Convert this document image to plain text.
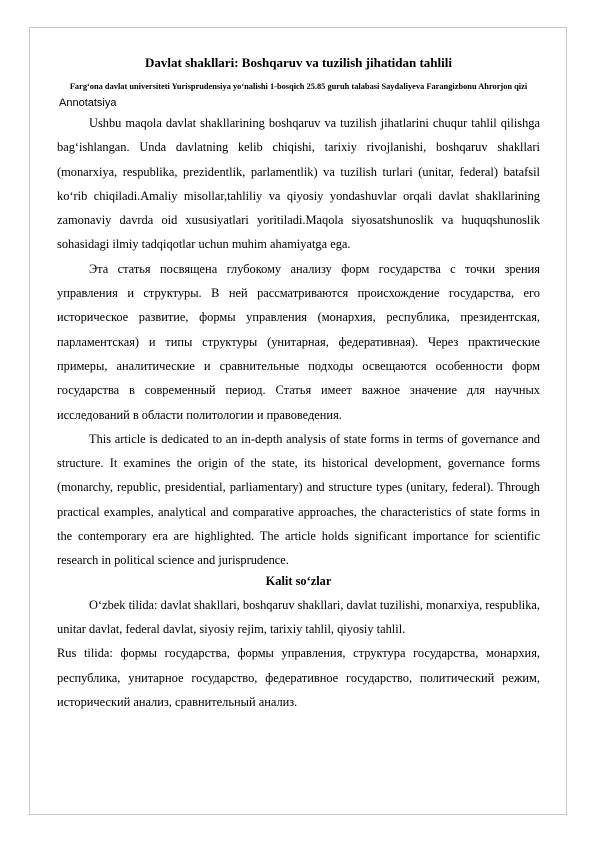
Davlat shakllari: Boshqaruv va tuzilish jihatidan tahlili
Farg‘ona davlat universiteti Yurisprudensiya yo‘nalishi 1-bosqich 25.85 guruh talabasi Saydaliyeva Farangizbonu Ahrorjon qizi
Annotatsiya

Ushbu maqola davlat shakllarining boshqaruv va tuzilish jihatlarini chuqur tahlil qilishga bag‘ishlangan. Unda davlatning kelib chiqishi, tarixiy rivojlanishi, boshqaruv shakllari (monarxiya, respublika, prezidentlik, parlamentlik) va tuzilish turlari (unitar, federal) batafsil ko‘rib chiqiladi.Amaliy misollar,tahliliy va qiyosiy yondashuvlar orqali davlat shakllarining zamonaviy davrda oid xususiyatlari yoritiladi.Maqola siyosatshunoslik va huquqshunoslik sohasidagi ilmiy tadqiqotlar uchun muhim ahamiyatga ega.

Эта статья посвящена глубокому анализу форм государства с точки зрения управления и структуры. В ней рассматриваются происхождение государства, его историческое развитие, формы управления (монархия, республика, президентская, парламентская) и типы структуры (унитарная, федеративная). Через практические примеры, аналитические и сравнительные подходы освещаются особенности форм государства в современный период. Статья имеет важное значение для научных исследований в области политологии и правоведения.

This article is dedicated to an in-depth analysis of state forms in terms of governance and structure. It examines the origin of the state, its historical development, governance forms (monarchy, republic, presidential, parliamentary) and structure types (unitary, federal). Through practical examples, analytical and comparative approaches, the characteristics of state forms in the contemporary era are highlighted. The article holds significant importance for scientific research in political science and jurisprudence.

Kalit so‘zlar

O‘zbek tilida: davlat shakllari, boshqaruv shakllari, davlat tuzilishi, monarxiya, respublika, unitar davlat, federal davlat, siyosiy rejim, tarixiy tahlil, qiyosiy tahlil.

Rus tilida: формы государства, формы управления, структура государства, монархия, республика, унитарное государство, федеративное государство, политический режим, исторический анализ, сравнительный анализ.
